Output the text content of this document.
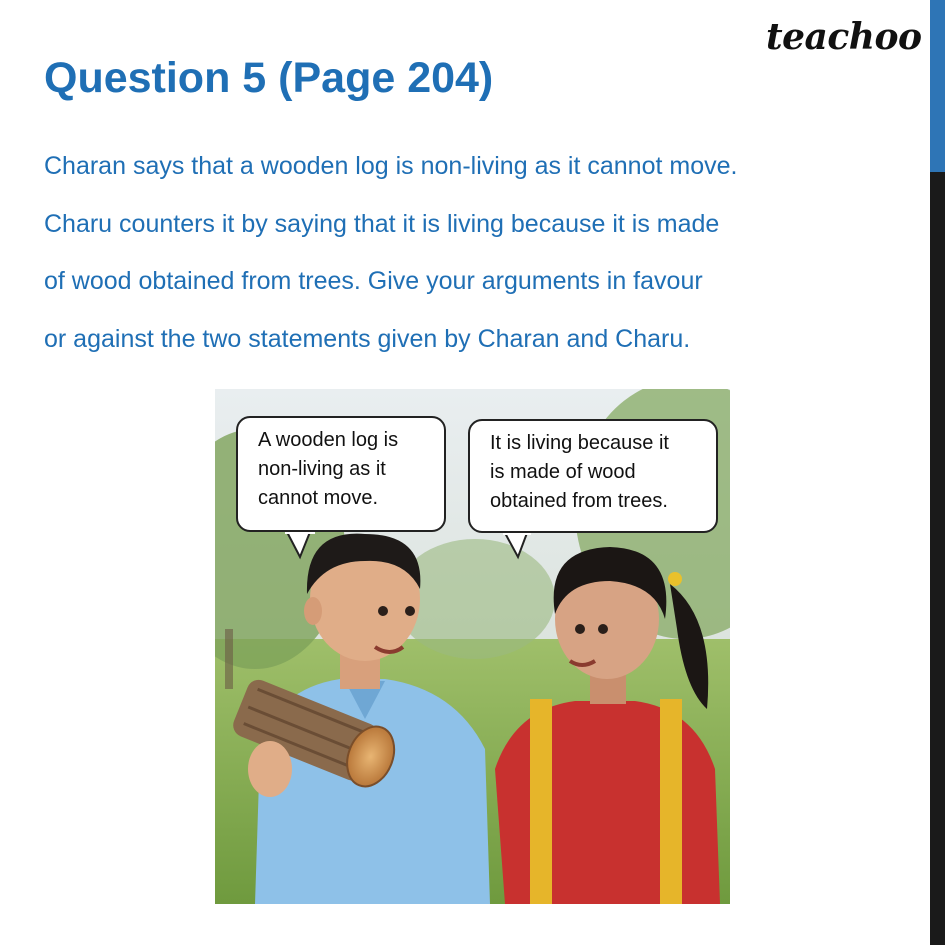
teachoo
Question 5 (Page 204)
Charan says that a wooden log is non-living as it cannot move.
Charu counters it by saying that it is living because it is made
of wood obtained from trees. Give your arguments in favour
or against the two statements given by Charan and Charu.
A wooden log is
non-living as it
cannot move.
It is living because it
is made of wood
obtained from trees.
